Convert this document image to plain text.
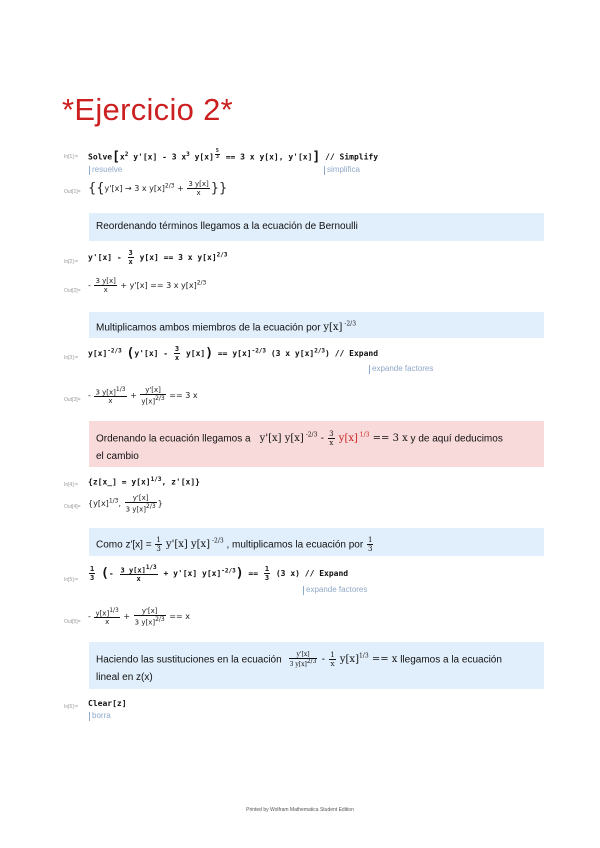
*Ejercicio 2*
In[1]:= $Solve[x^2$ y'[x] - 3 $x^3$ y[x] $^{\frac{5}{3}}$ == 3 x y[x], y'[x]] // Simplify
resuelve	simplifica
Out[1]= {{y'[x] → 3 x $y[x]^{2/3} + \frac{3 y[x]}{x}$ }}
Reordenando términos llegamos a la ecuación de Bernoulli
In[2]:= $y'[x] - \frac{3}{x} y[x] == 3$ x $y[x]^{2/3}$
Out[2]=
- $\frac{3 y[x]}{x} + y'[x] == 3$ x $y[x]^{2/3}$
Multiplicamos ambos miembros de la ecuación por y[x] $^{-2/3}$
In[3]:= $y[x]^{-2/3}$ $(y'[x] - \frac{3}{x} y[x]) == y[x]^{-2/3}$ (3 x $y[x]^{2/3}$) // Expand
expande factores
$Out[3]= - \frac{3 y[x]^{1/3}}{x} + \frac{y'[x]}{y[x]^{2/3}} == 3$ x
Ordenando la ecuación llegamos a   y'[x] y[x] $^{-2/3} - \frac{3}{x} y[x] ^{1/3} == 3$ x y de aquí deducimos
el cambio
In[4]:= {z[x_] = $y[x]^{1/3}$, z'[x]}
$Out[4]= \{y[x]^{1/3}$, $\frac{y'[x]}{3 y[x]^{2/3}}$ }
Como $z'[x] = \frac{1}{3} y'[x]$ y[x] $^{-2/3}$ , multiplicamos la ecuación por $\frac{1}{3}$
In[5]:= $\frac{1}{3}$ (- $\frac{3 y[x]^{1/3}}{x} + y'[x] y[x]^{-2/3}) == \frac{1}{3} (3$ x) // Expand
expande factores
Out[5]=
- $\frac{y[x]^{1/3}}{x} + \frac{y'[x]}{3 y[x]^{2/3}} == x$
Haciendo las sustituciones en la ecuación $\frac{y'[x]}{3 y[x]^{2/3}} - \frac{1}{x} y[x]^{1/3} == x$ llegamos a la ecuación
lineal en z(x)
In[6]:= Clear[z]
borra
Printed by Wolfram Mathematica Student Edition
